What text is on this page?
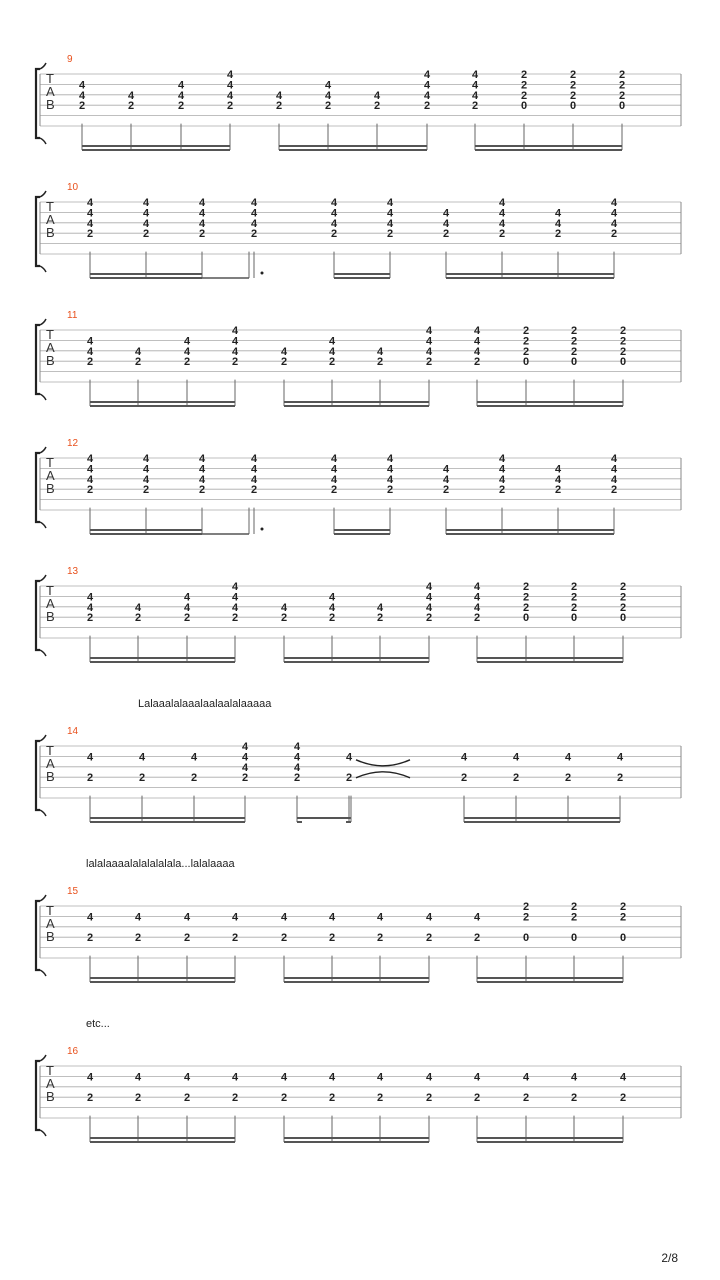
2/8
9
T
A
B
4
4
2
4
2
4
4
2
4
4
4
2
4
2
4
4
2
4
2
4
4
4
2
4
4
4
2
2
2
2
0
2
2
2
0
2
2
2
0
10
T
A
B
4
4
4
2
4
4
4
2
4
4
4
2
4
4
4
2
4
4
4
2
4
4
4
2
4
4
2
4
4
4
2
4
4
2
4
4
4
2
11
T
A
B
4
4
2
4
2
4
4
2
4
4
4
2
4
2
4
4
2
4
2
4
4
4
2
4
4
4
2
2
2
2
0
2
2
2
0
2
2
2
0
12
T
A
B
4
4
4
2
4
4
4
2
4
4
4
2
4
4
4
2
4
4
4
2
4
4
4
2
4
4
2
4
4
4
2
4
4
2
4
4
4
2
13
T
A
B
4
4
2
4
2
4
4
2
4
4
4
2
4
2
4
4
2
4
2
4
4
4
2
4
4
4
2
2
2
2
0
2
2
2
0
2
2
2
0
14
Lalaaalalaaalaalaalalaaaaa
T
A
B
4
2
4
2
4
2
4
4
4
2
4
4
4
2
4
2
4
2
4
2
4
2
4
2
15
lalalaaaalalalalalala...lalalaaaa
T
A
B
4
2
4
2
4
2
4
2
4
2
4
2
4
2
4
2
4
2
2
2
0
2
2
0
2
2
0
16
etc...
T
A
B
4
2
4
2
4
2
4
2
4
2
4
2
4
2
4
2
4
2
4
2
4
2
4
2
